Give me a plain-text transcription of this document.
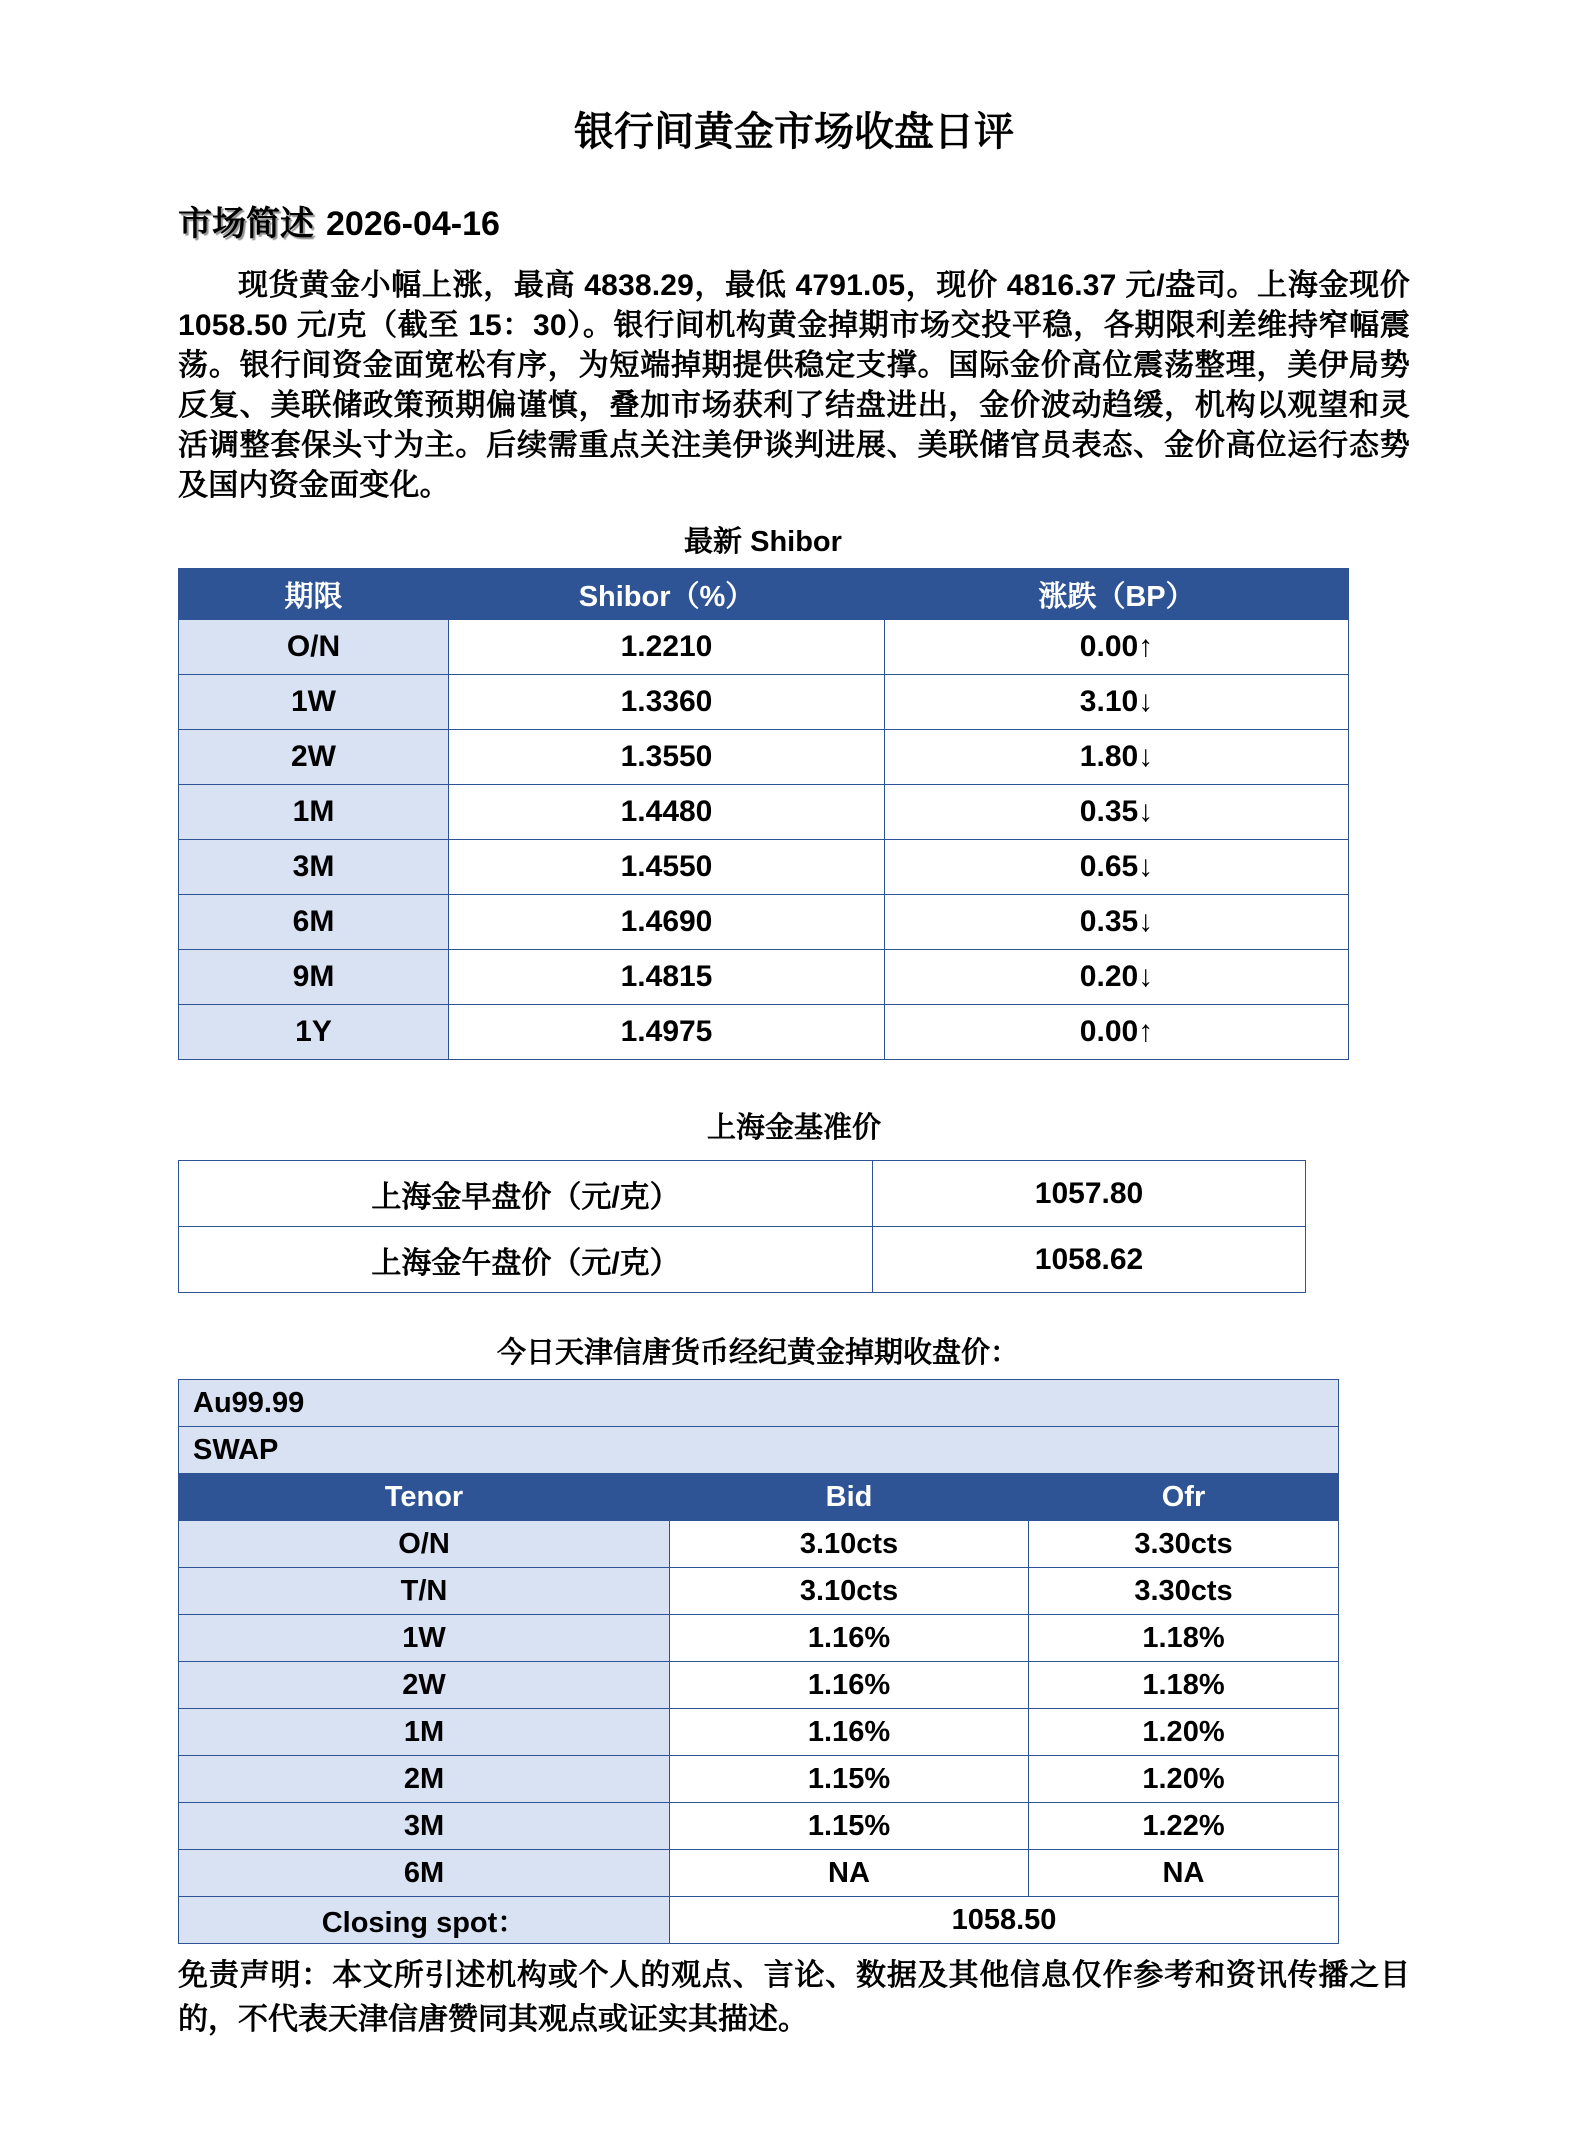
银行间黄金市场收盘日评
市场简述 2026-04-16

现货黄金小幅上涨，最高 4838.29，最低 4791.05，现价 4816.37 元/盎司。上海金现价 1058.50 元/克（截至 15：30）。银行间机构黄金掉期市场交投平稳，各期限利差维持窄幅震荡。银行间资金面宽松有序，为短端掉期提供稳定支撑。国际金价高位震荡整理，美伊局势反复、美联储政策预期偏谨慎，叠加市场获利了结盘进出，金价波动趋缓，机构以观望和灵活调整套保头寸为主。后续需重点关注美伊谈判进展、美联储官员表态、金价高位运行态势及国内资金面变化。

最新 Shibor
期限	Shibor（%）	涨跌（BP）
O/N	1.2210	0.00↑
1W	1.3360	3.10↓
2W	1.3550	1.80↓
1M	1.4480	0.35↓
3M	1.4550	0.65↓
6M	1.4690	0.35↓
9M	1.4815	0.20↓
1Y	1.4975	0.00↑
上海金基准价
上海金早盘价（元/克）	1057.80
上海金午盘价（元/克）	1058.62
今日天津信唐货币经纪黄金掉期收盘价：
Au99.99		
SWAP		
Tenor	Bid	Ofr
O/N	3.10cts	3.30cts
T/N	3.10cts	3.30cts
1W	1.16%	1.18%
2W	1.16%	1.18%
1M	1.16%	1.20%
2M	1.15%	1.20%
3M	1.15%	1.22%
6M	NA	NA
Closing spot：	1058.50	

免责声明：本文所引述机构或个人的观点、言论、数据及其他信息仅作参考和资讯传播之目的，不代表天津信唐赞同其观点或证实其描述。
